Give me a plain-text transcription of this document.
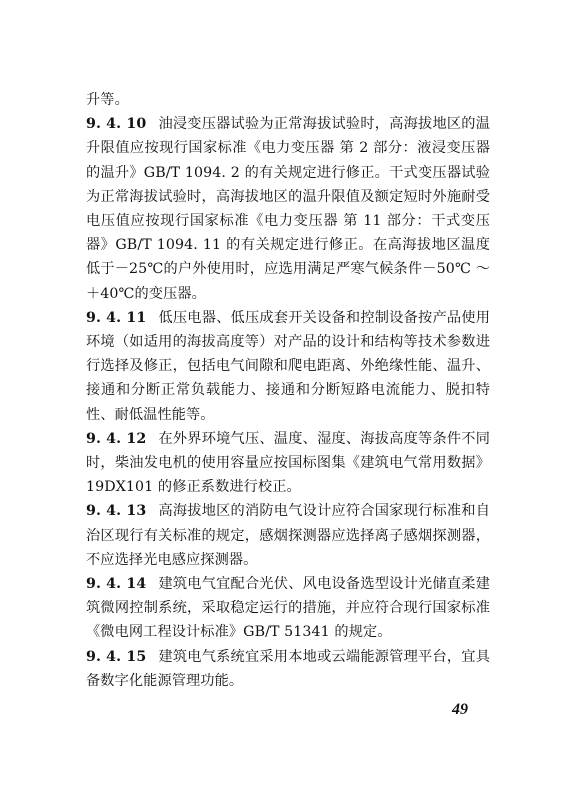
升等。

9. 4. 10 油浸变压器试验为正常海拔试验时，高海拔地区的温升限值应按现行国家标准《电力变压器 第 2 部分：液浸变压器的温升》GB/T 1094. 2 的有关规定进行修正。干式变压器试验为正常海拔试验时，高海拔地区的温升限值及额定短时外施耐受电压值应按现行国家标准《电力变压器 第 11 部分：干式变压器》GB/T 1094. 11 的有关规定进行修正。在高海拔地区温度低于－25℃的户外使用时，应选用满足严寒气候条件－50℃ ～ ＋40℃的变压器。

9. 4. 11 低压电器、低压成套开关设备和控制设备按产品使用环境（如适用的海拔高度等）对产品的设计和结构等技术参数进行选择及修正，包括电气间隙和爬电距离、外绝缘性能、温升、接通和分断正常负载能力、接通和分断短路电流能力、脱扣特性、耐低温性能等。

9. 4. 12 在外界环境气压、温度、湿度、海拔高度等条件不同时，柴油发电机的使用容量应按国标图集《建筑电气常用数据》19DX101 的修正系数进行校正。

9. 4. 13 高海拔地区的消防电气设计应符合国家现行标准和自治区现行有关标准的规定，感烟探测器应选择离子感烟探测器，不应选择光电感应探测器。

9. 4. 14 建筑电气宜配合光伏、风电设备选型设计光储直柔建筑微网控制系统，采取稳定运行的措施，并应符合现行国家标准《微电网工程设计标准》GB/T 51341 的规定。

9. 4. 15 建筑电气系统宜采用本地或云端能源管理平台，宜具备数字化能源管理功能。

49
